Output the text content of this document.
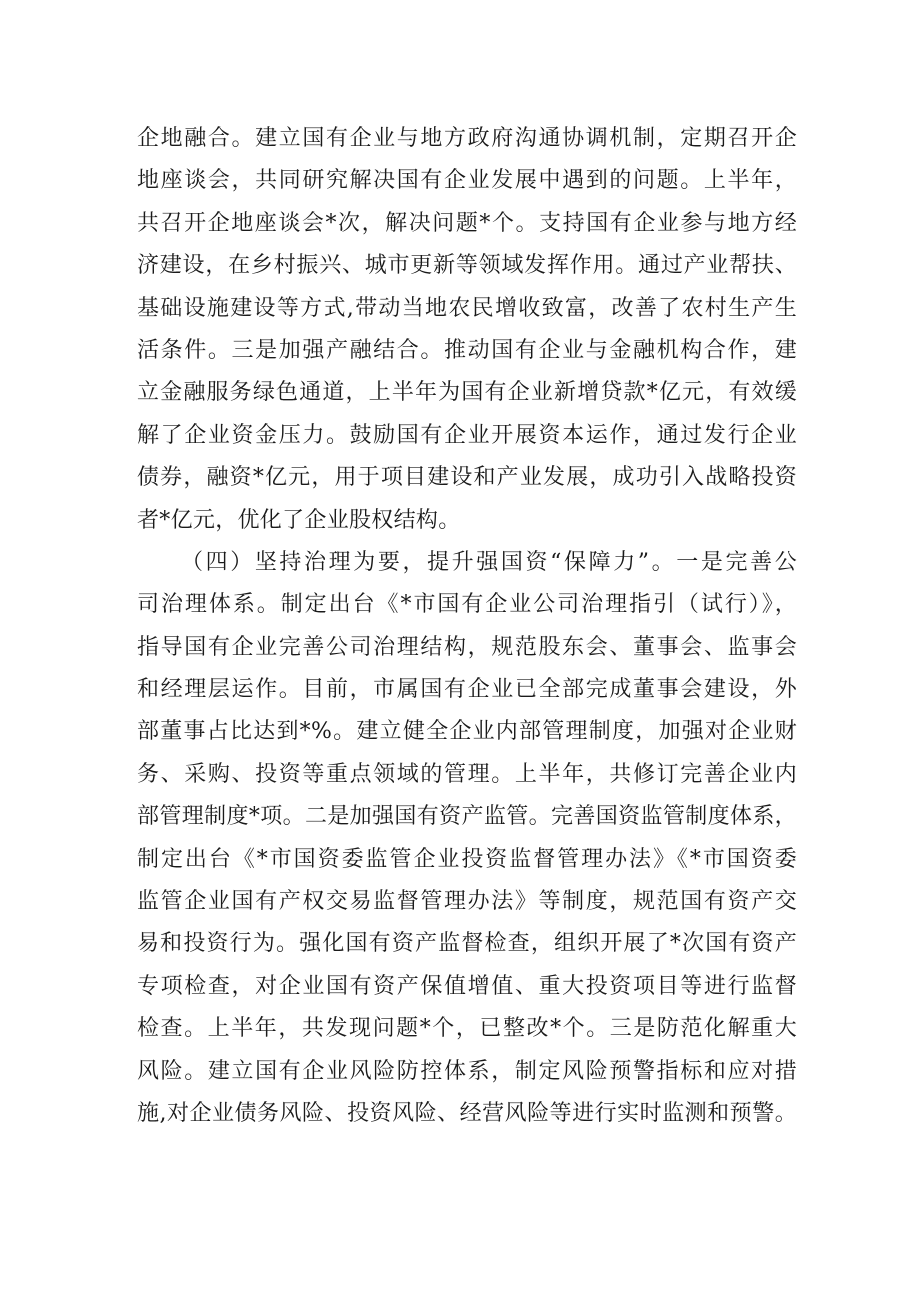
企地融合。建立国有企业与地方政府沟通协调机制，定期召开企
地座谈会，共同研究解决国有企业发展中遇到的问题。上半年，
共召开企地座谈会*次，解决问题*个。支持国有企业参与地方经
济建设，在乡村振兴、城市更新等领域发挥作用。通过产业帮扶、
基础设施建设等方式,带动当地农民增收致富，改善了农村生产生
活条件。三是加强产融结合。推动国有企业与金融机构合作，建
立金融服务绿色通道，上半年为国有企业新增贷款*亿元，有效缓
解了企业资金压力。鼓励国有企业开展资本运作，通过发行企业
债券，融资*亿元，用于项目建设和产业发展，成功引入战略投资
者*亿元，优化了企业股权结构。
（四）坚持治理为要，提升强国资“保障力”。一是完善公
司治理体系。制定出台《*市国有企业公司治理指引（试行）》，
指导国有企业完善公司治理结构，规范股东会、董事会、监事会
和经理层运作。目前，市属国有企业已全部完成董事会建设，外
部董事占比达到*%。建立健全企业内部管理制度，加强对企业财
务、采购、投资等重点领域的管理。上半年，共修订完善企业内
部管理制度*项。二是加强国有资产监管。完善国资监管制度体系，
制定出台《*市国资委监管企业投资监督管理办法》《*市国资委
监管企业国有产权交易监督管理办法》等制度，规范国有资产交
易和投资行为。强化国有资产监督检查，组织开展了*次国有资产
专项检查，对企业国有资产保值增值、重大投资项目等进行监督
检查。上半年，共发现问题*个，已整改*个。三是防范化解重大
风险。建立国有企业风险防控体系，制定风险预警指标和应对措
施,对企业债务风险、投资风险、经营风险等进行实时监测和预警。
